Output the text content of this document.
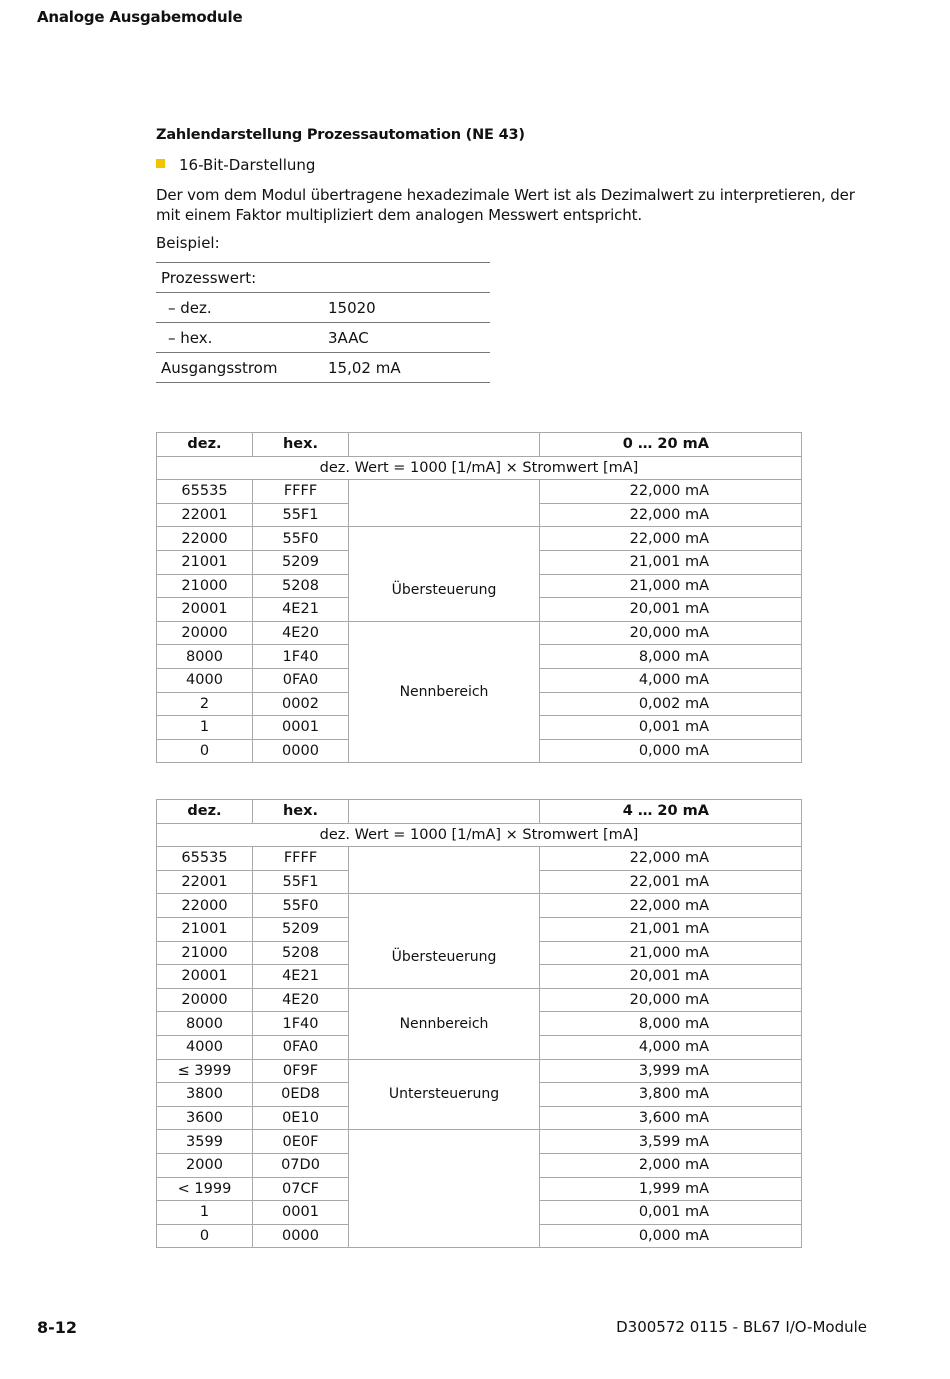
Analoge Ausgabemodule
Zahlendarstellung Prozessautomation (NE 43)
16-Bit-Darstellung
Der vom dem Modul übertragene hexadezimale Wert ist als Dezimalwert zu interpretieren, der mit einem Faktor multipliziert dem analogen Messwert entspricht.
Beispiel:
Prozesswert:	
– dez.	15020
– hex.	3AAC
Ausgangsstrom	15,02 mA
dez.	hex.		0 … 20 mA
dez. Wert = 1000 [1/mA] × Stromwert [mA]			
65535	FFFF		22,000 mA
22001	55F1		22,000 mA
22000	55F0	Übersteuerung	22,000 mA
21001	5209		21,001 mA
21000	5208		21,000 mA
20001	4E21		20,001 mA
20000	4E20	Nennbereich	20,000 mA
8000	1F40		8,000 mA
4000	0FA0		4,000 mA
2	0002		0,002 mA
1	0001		0,001 mA
0	0000		0,000 mA
dez.	hex.		4 … 20 mA
dez. Wert = 1000 [1/mA] × Stromwert [mA]			
65535	FFFF		22,000 mA
22001	55F1		22,001 mA
22000	55F0	Übersteuerung	22,000 mA
21001	5209		21,001 mA
21000	5208		21,000 mA
20001	4E21		20,001 mA
20000	4E20	Nennbereich	20,000 mA
8000	1F40		8,000 mA
4000	0FA0		4,000 mA
≤ 3999	0F9F	Untersteuerung	3,999 mA
3800	0ED8		3,800 mA
3600	0E10		3,600 mA
3599	0E0F		3,599 mA
2000	07D0		2,000 mA
< 1999	07CF		1,999 mA
1	0001		0,001 mA
0	0000		0,000 mA
8-12	D300572 0115 - BL67 I/O-Module
